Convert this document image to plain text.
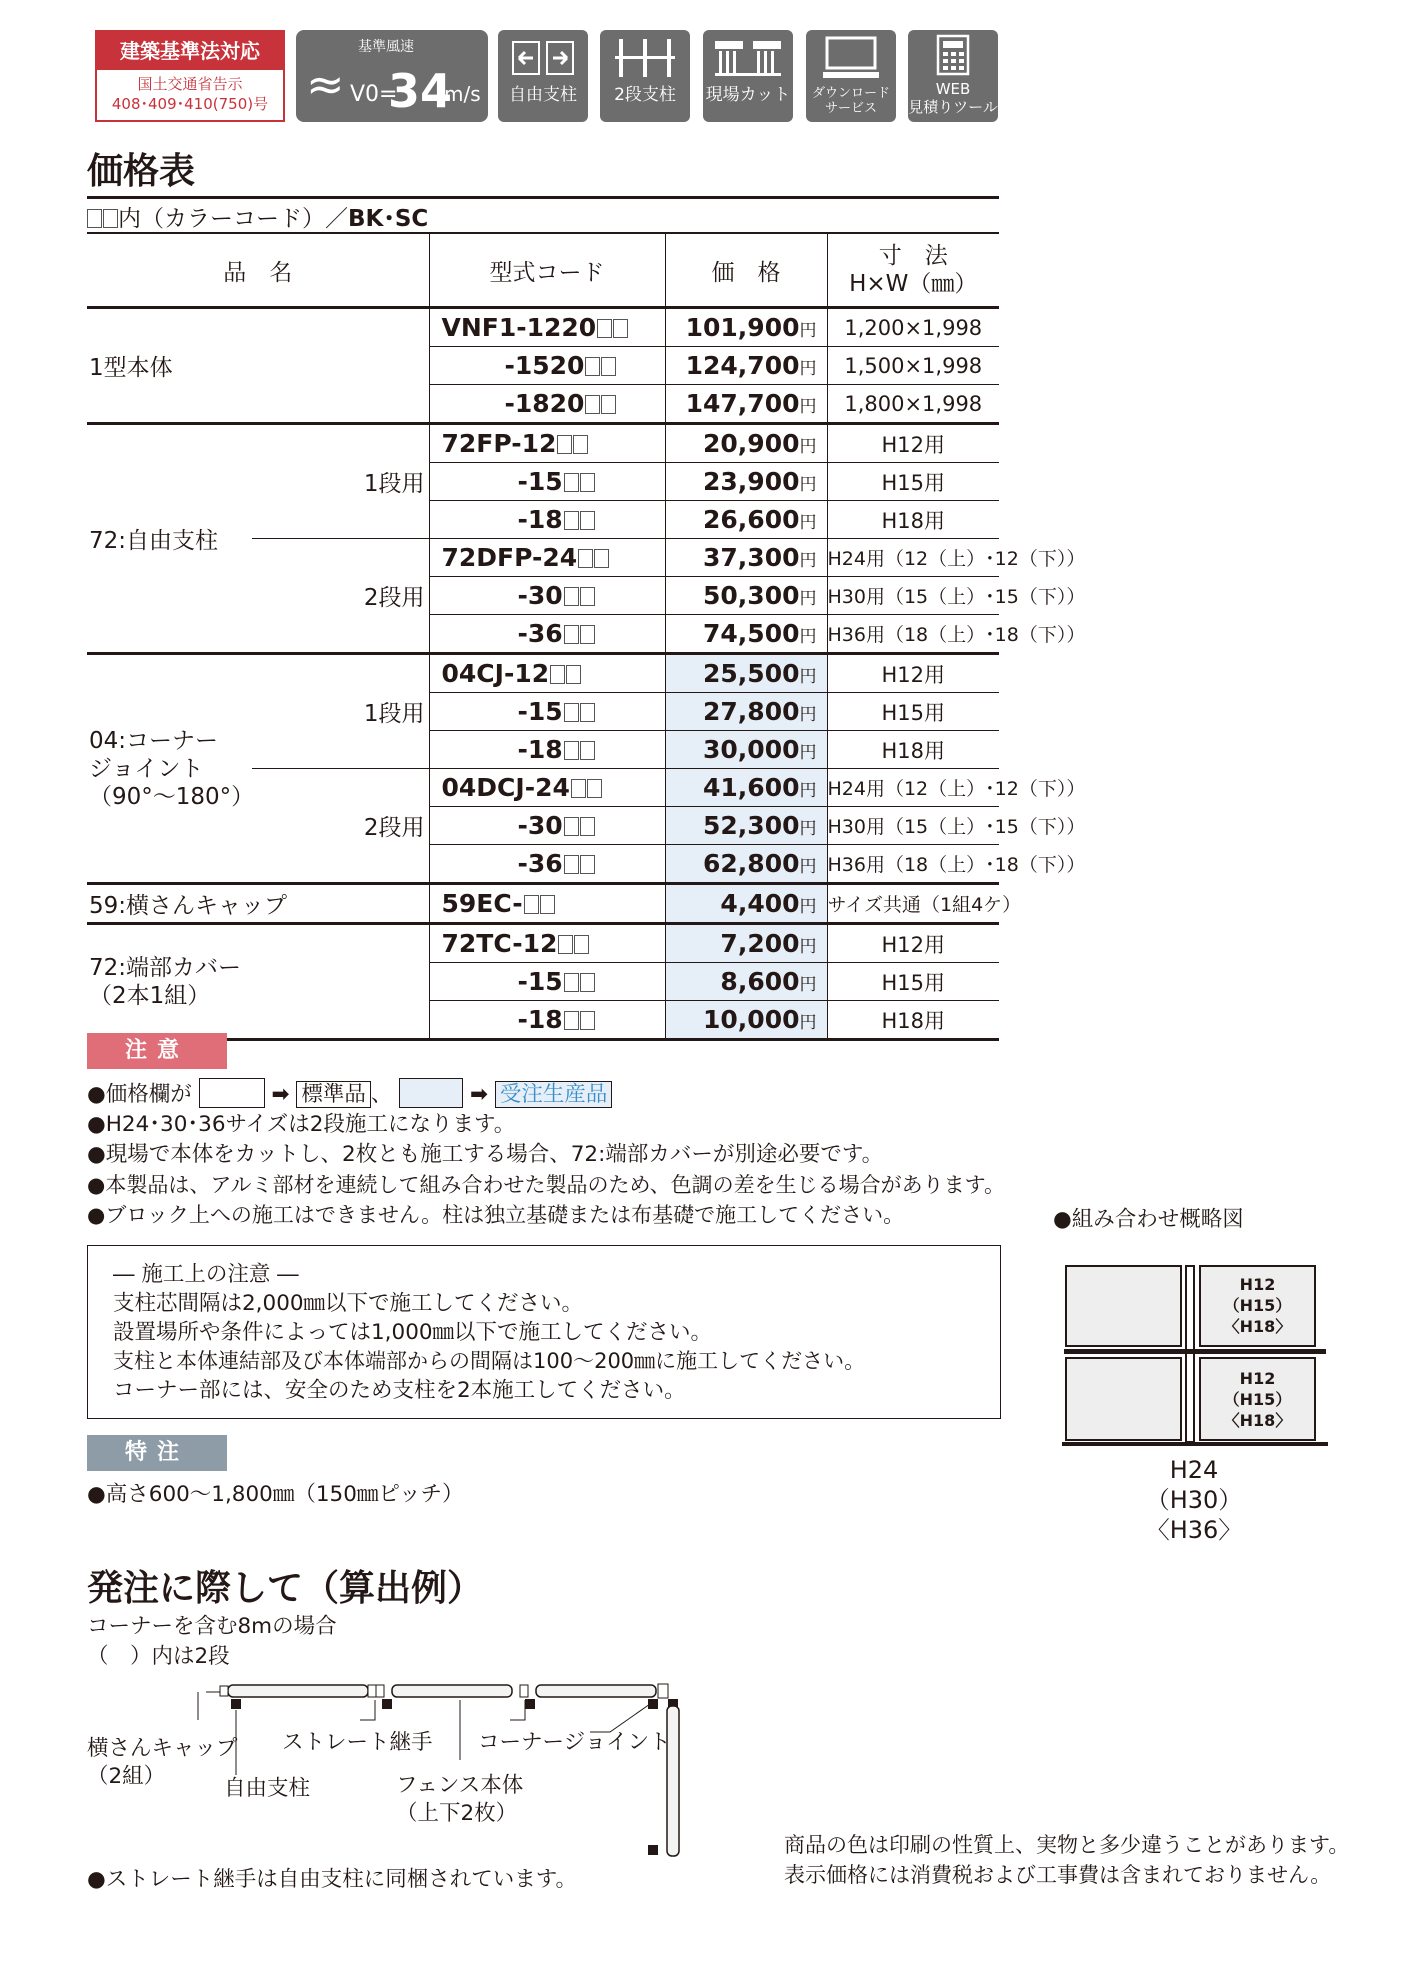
建築基準法対応
国土交通省告示
408･409･410(750)号
基準風速
≈ V0=
34
m/s	自由支柱	2段支柱	現場カット	ダウンロード
サービス
WEB
見積りツール
価格表
内（カラーコード）／BK･SC
品　名		型式コード	価　格	寸　法
H×W（㎜）

1型本体		VNF1-1220	101,900円	1,200×1,998
		-1520	124,700円	1,500×1,998
		-1820	147,700円	1,800×1,998
72:自由支柱	1段用	72FP-12	20,900円	H12用
		-15	23,900円	H15用
		-18	26,600円	H18用
	2段用	72DFP-24	37,300円	H24用（12（上）･12（下））
		-30	50,300円	H30用（15（上）･15（下））
		-36	74,500円	H36用（18（上）･18（下））

04:コーナー
ジョイント
（90°～180°）	1段用	04CJ-12	25,500円	H12用
		-15	27,800円	H15用
		-18	30,000円	H18用
	2段用	04DCJ-24	41,600円	H24用（12（上）･12（下））
		-30	52,300円	H30用（15（上）･15（下））
		-36	62,800円	H36用（18（上）･18（下））
59:横さんキャップ		59EC-	4,400円	サイズ共通（1組4ケ）

72:端部カバー
（2本1組）		72TC-12	7,200円	H12用
		-15	8,600円	H15用
		-18	10,000円	H18用
注意
●価格欄が	➡ 標準品 、	➡ 受注生産品
●H24･30･36サイズは2段施工になります。
●現場で本体をカットし、2枚とも施工する場合、72:端部カバーが別途必要です。
●本製品は、アルミ部材を連続して組み合わせた製品のため、色調の差を生じる場合があります。
●ブロック上への施工はできません。柱は独立基礎または布基礎で施工してください。
― 施工上の注意 ―
支柱芯間隔は2,000㎜以下で施工してください。
設置場所や条件によっては1,000㎜以下で施工してください。
支柱と本体連結部及び本体端部からの間隔は100～200㎜に施工してください。
コーナー部には、安全のため支柱を2本施工してください。
特注
●高さ600～1,800㎜（150㎜ピッチ）
●組み合わせ概略図
H12
（H15）
〈H18〉
H12
（H15）
〈H18〉
H24
（H30）
〈H36〉
発注に際して（算出例）
コーナーを含む8mの場合
（　）内は2段
横さんキャップ
（2組）
ストレート継手 コーナージョイント
自由支柱	フェンス本体
（上下2枚）
●ストレート継手は自由支柱に同梱されています。
商品の色は印刷の性質上、実物と多少違うことがあります。
表示価格には消費税および工事費は含まれておりません。
